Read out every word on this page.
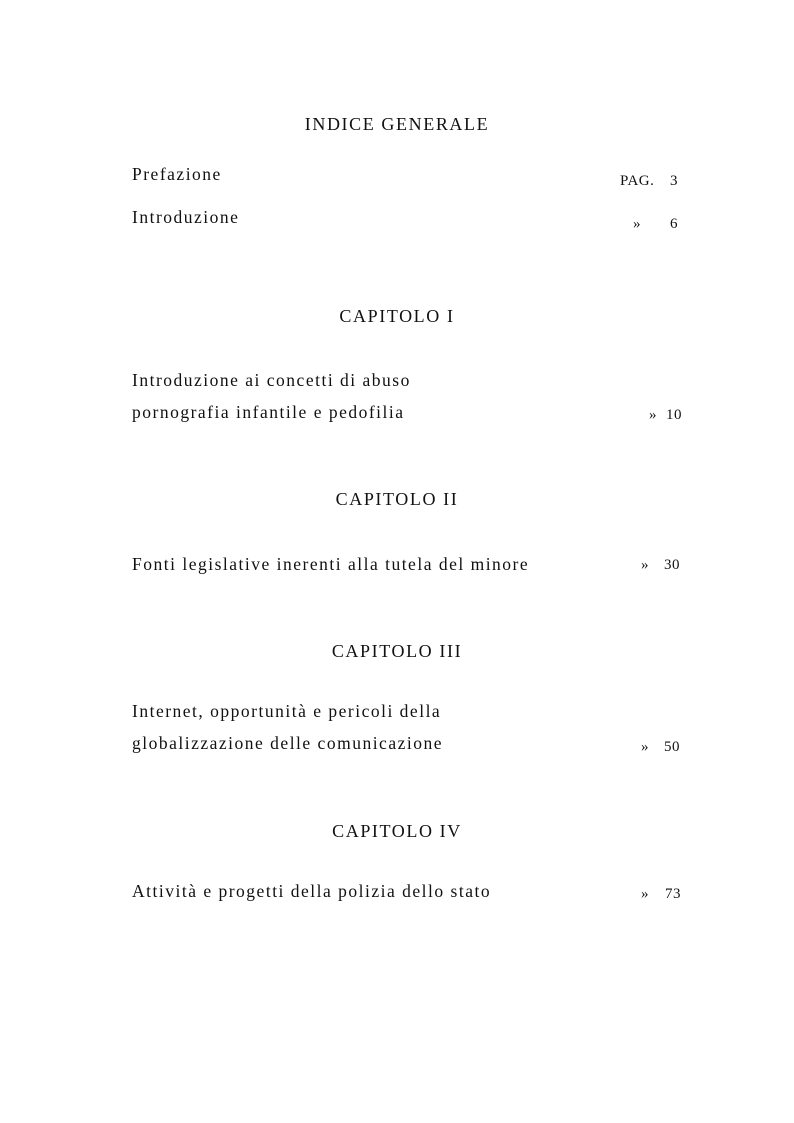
INDICE GENERALE
Prefazione	PAG. 3
Introduzione	» 6
CAPITOLO I
Introduzione ai concetti di abuso
pornografia infantile e pedofilia	» 10
CAPITOLO II
Fonti legislative inerenti alla tutela del minore	» 30
CAPITOLO III
Internet, opportunità e pericoli della
globalizzazione delle comunicazione	» 50
CAPITOLO IV
Attività e progetti della polizia dello stato	» 73
